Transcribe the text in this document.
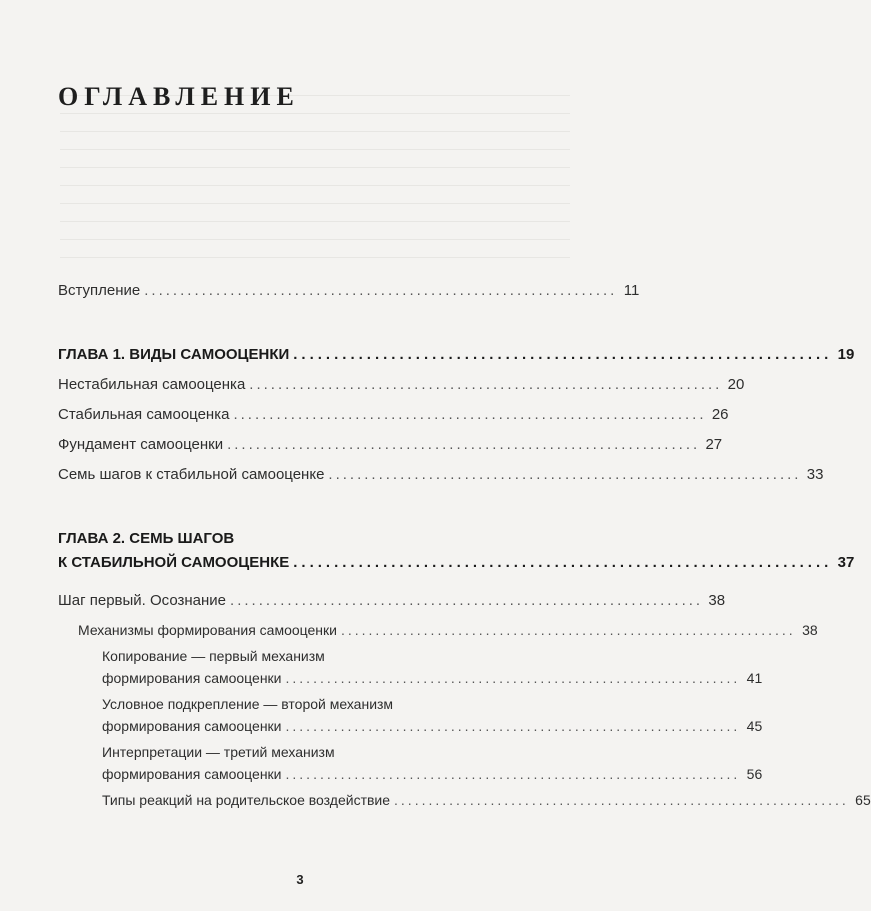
ОГЛАВЛЕНИЕ
Вступление .................................................................. 11
ГЛАВА 1. ВИДЫ САМООЦЕНКИ .................................................................. 19
Нестабильная самооценка .................................................................. 20
Стабильная самооценка .................................................................. 26
Фундамент самооценки .................................................................. 27
Семь шагов к стабильной самооценке .................................................................. 33
ГЛАВА 2. СЕМЬ ШАГОВ
К СТАБИЛЬНОЙ САМООЦЕНКЕ .................................................................. 37
Шаг первый. Осознание .................................................................. 38
Механизмы формирования самооценки .................................................................. 38
Копирование — первый механизм
формирования самооценки .................................................................. 41
Условное подкрепление — второй механизм
формирования самооценки .................................................................. 45
Интерпретации — третий механизм
формирования самооценки .................................................................. 56
Типы реакций на родительское воздействие .................................................................. 65
3
